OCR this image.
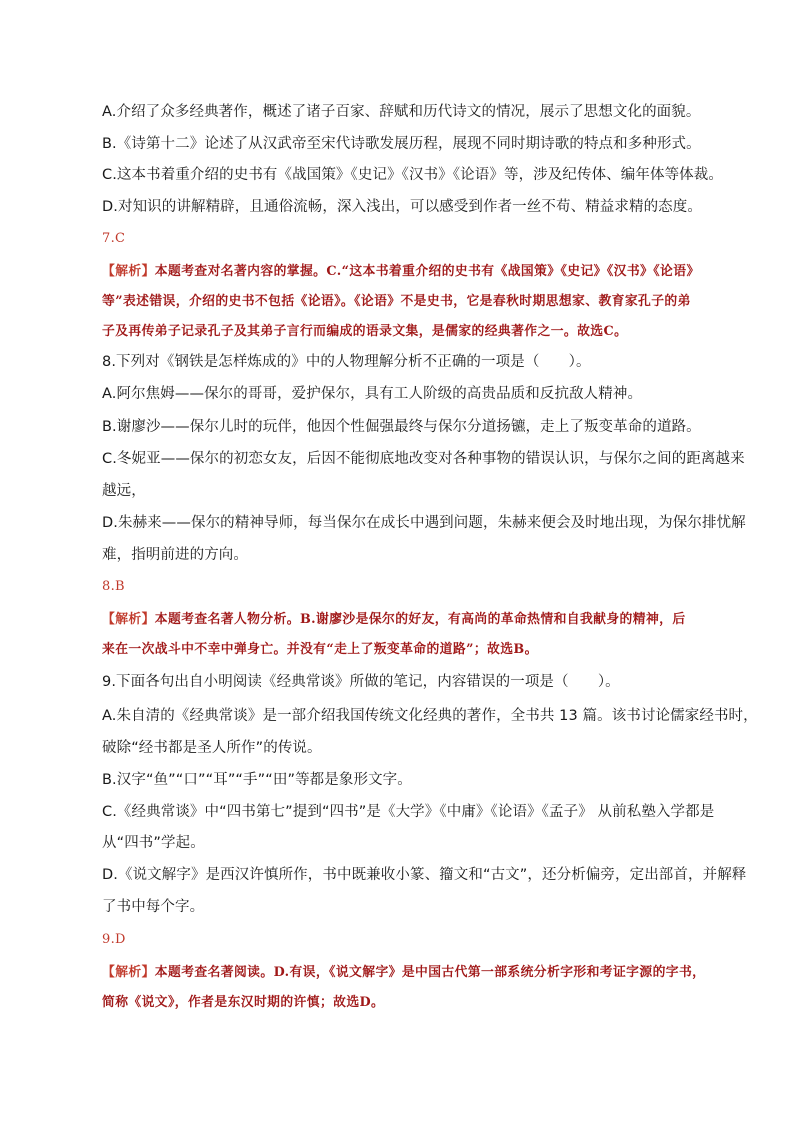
A.介绍了众多经典著作，概述了诸子百家、辞赋和历代诗文的情况，展示了思想文化的面貌。
B.《诗第十二》论述了从汉武帝至宋代诗歌发展历程，展现不同时期诗歌的特点和多种形式。
C.这本书着重介绍的史书有《战国策》《史记》《汉书》《论语》等，涉及纪传体、编年体等体裁。
D.对知识的讲解精辟，且通俗流畅，深入浅出，可以感受到作者一丝不苟、精益求精的态度。
7.C
【解析】本题考查对名著内容的掌握。C.“这本书着重介绍的史书有《战国策》《史记》《汉书》《论语》
等”表述错误，介绍的史书不包括《论语》。《论语》不是史书，它是春秋时期思想家、教育家孔子的弟
子及再传弟子记录孔子及其弟子言行而编成的语录文集，是儒家的经典著作之一。故选C。
8.下列对《钢铁是怎样炼成的》中的人物理解分析不正确的一项是（　　）。
A.阿尔焦姆——保尔的哥哥，爱护保尔，具有工人阶级的高贵品质和反抗敌人精神。
B.谢廖沙——保尔儿时的玩伴，他因个性倔强最终与保尔分道扬镳，走上了叛变革命的道路。
C.冬妮亚——保尔的初恋女友，后因不能彻底地改变对各种事物的错误认识，与保尔之间的距离越来
越远，
D.朱赫来——保尔的精神导师，每当保尔在成长中遇到问题，朱赫来便会及时地出现，为保尔排忧解
难，指明前进的方向。
8.B
【解析】本题考查名著人物分析。B.谢廖沙是保尔的好友，有高尚的革命热情和自我献身的精神，后
来在一次战斗中不幸中弹身亡。并没有“走上了叛变革命的道路”；故选B。
9.下面各句出自小明阅读《经典常谈》所做的笔记，内容错误的一项是（　　）。
A.朱自清的《经典常谈》是一部介绍我国传统文化经典的著作，全书共 13 篇。该书讨论儒家经书时，
破除“经书都是圣人所作”的传说。
B.汉字“鱼”“口”“耳”“手”“田”等都是象形文字。
C.《经典常谈》中“四书第七”提到“四书”是《大学》《中庸》《论语》《孟子》 从前私塾入学都是
从“四书”学起。
D.《说文解字》是西汉许慎所作，书中既兼收小篆、籀文和“古文”，还分析偏旁，定出部首，并解释
了书中每个字。
9.D
【解析】本题考查名著阅读。D.有误，《说文解字》是中国古代第一部系统分析字形和考证字源的字书，
简称《说文》，作者是东汉时期的许慎；故选D。
